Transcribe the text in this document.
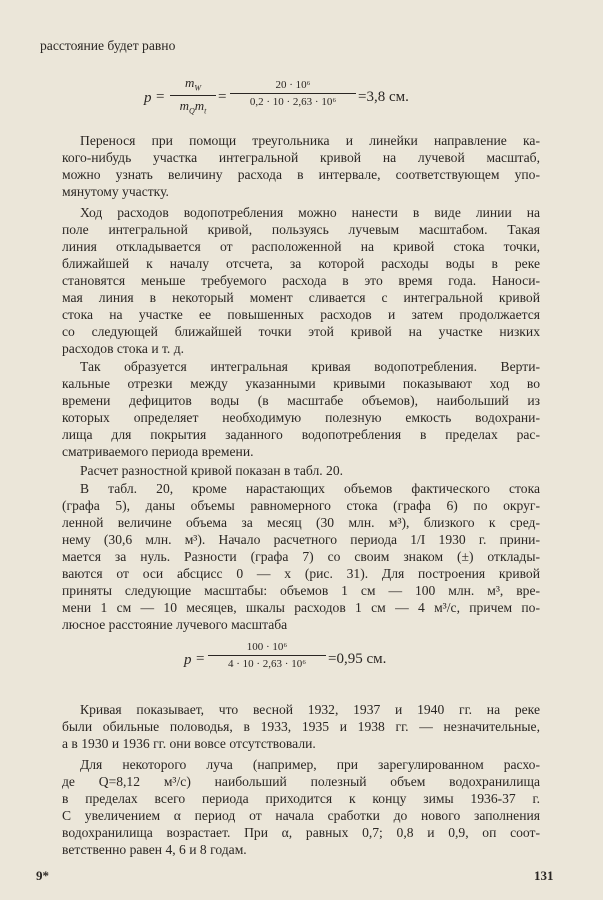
расстояние будет равно
p =
$m_W$
$m_Qm_t$
= $\frac{\text{20 · 10⁶}}{\text{0,2 · 10 · 2,63 · 10⁶}} =3,8$ см.
Перенося при помощи треугольника и линейки направление ка-
кого-нибудь участка интегральной кривой на лучевой масштаб,
можно узнать величину расхода в интервале, соответствующем упо-
мянутому участку.
Ход расходов водопотребления можно нанести в виде линии на
поле интегральной кривой, пользуясь лучевым масштабом. Такая
линия откладывается от расположенной на кривой стока точки,
ближайшей к началу отсчета, за которой расходы воды в реке
становятся меньше требуемого расхода в это время года. Наноси-
мая линия в некоторый момент сливается с интегральной кривой
стока на участке ее повышенных расходов и затем продолжается
со следующей ближайшей точки этой кривой на участке низких
расходов стока и т. д.
Так образуется интегральная кривая водопотребления. Верти-
кальные отрезки между указанными кривыми показывают ход во
времени дефицитов воды (в масштабе объемов), наибольший из
которых определяет необходимую полезную емкость водохрани-
лища для покрытия заданного водопотребления в пределах рас-
сматриваемого периода времени.
Расчет разностной кривой показан в табл. 20.
В табл. 20, кроме нарастающих объемов фактического стока
(графа 5), даны объемы равномерного стока (графа 6) по округ-
ленной величине объема за месяц (30 млн. м³), близкого к сред-
нему (30,6 млн. м³). Начало расчетного периода 1/I 1930 г. прини-
мается за нуль. Разности (графа 7) со своим знаком (±) отклады-
ваются от оси абсцисс 0 — x (рис. 31). Для построения кривой
приняты следующие масштабы: объемов 1 см — 100 млн. м³, вре-
мени 1 см — 10 месяцев, шкалы расходов 1 см — 4 м³/с, причем по-
люсное расстояние лучевого масштаба
$p = \frac{\text{100 · 10⁶}}{\text{4 · 10 · 2,63 · 10⁶}} =0,95$ см.
Кривая показывает, что весной 1932, 1937 и 1940 гг. на реке
были обильные половодья, в 1933, 1935 и 1938 гг. — незначительные,
а в 1930 и 1936 гг. они вовсе отсутствовали.
Для некоторого луча (например, при зарегулированном расхо-
де Q=8,12 м³/с) наибольший полезный объем водохранилища
в пределах всего периода приходится к концу зимы 1936-37 г.
С увеличением α период от начала сработки до нового заполнения
водохранилища возрастает. При α, равных 0,7; 0,8 и 0,9, оп соот-
ветственно равен 4, 6 и 8 годам.
9*	131
